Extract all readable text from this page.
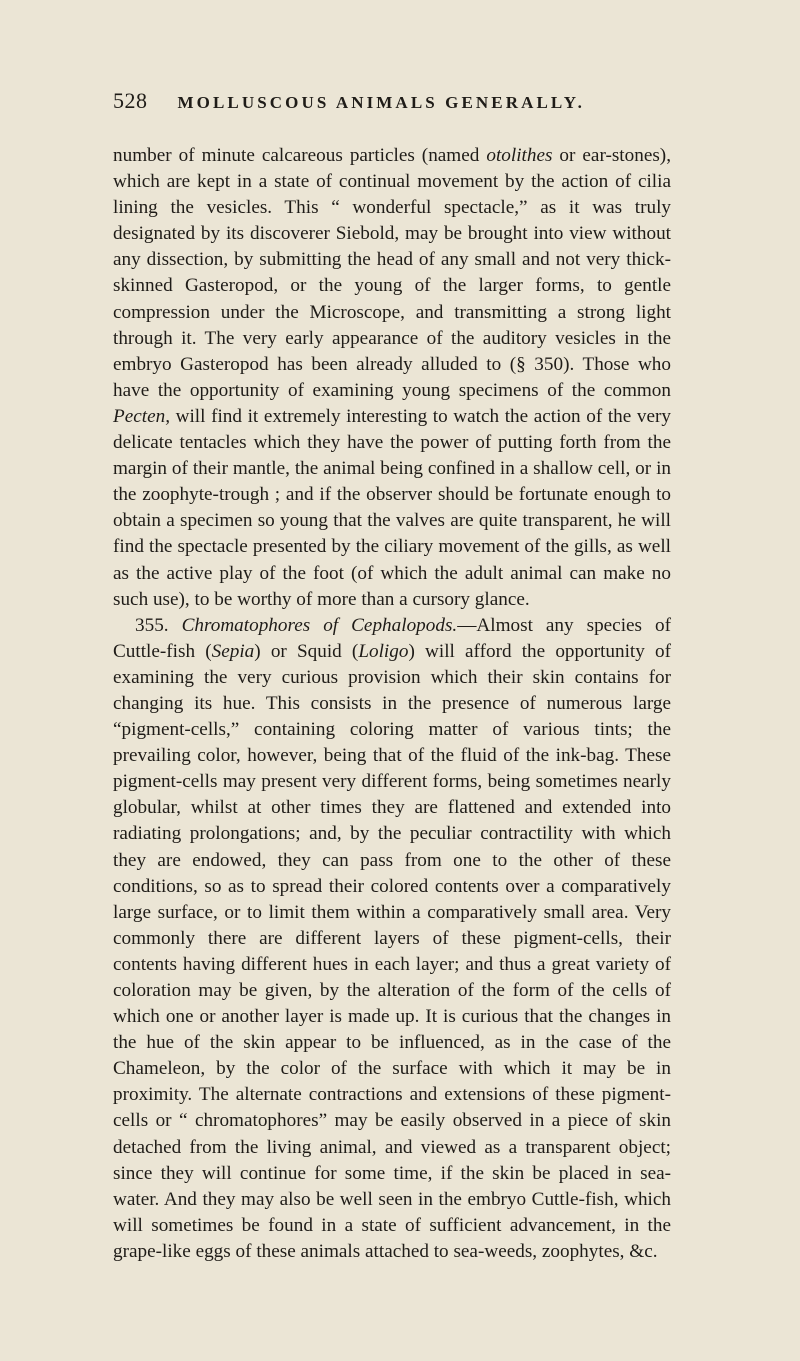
528 MOLLUSCOUS ANIMALS GENERALLY.

number of minute calcareous particles (named otolithes or ear-stones), which are kept in a state of continual movement by the action of cilia lining the vesicles. This “ wonderful spectacle,” as it was truly designated by its discoverer Siebold, may be brought into view without any dissection, by submitting the head of any small and not very thick-skinned Gasteropod, or the young of the larger forms, to gentle compression under the Microscope, and transmitting a strong light through it. The very early appearance of the auditory vesicles in the embryo Gasteropod has been already alluded to (§ 350). Those who have the opportunity of examining young specimens of the common Pecten, will find it extremely interesting to watch the action of the very delicate tentacles which they have the power of putting forth from the margin of their mantle, the animal being confined in a shallow cell, or in the zoophyte-trough ; and if the observer should be fortunate enough to obtain a specimen so young that the valves are quite transparent, he will find the spectacle presented by the ciliary movement of the gills, as well as the active play of the foot (of which the adult animal can make no such use), to be worthy of more than a cursory glance.

355. Chromatophores of Cephalopods.—Almost any species of Cuttle-fish (Sepia) or Squid (Loligo) will afford the opportunity of examining the very curious provision which their skin contains for changing its hue. This consists in the presence of numerous large “pigment-cells,” containing coloring matter of various tints; the prevailing color, however, being that of the fluid of the ink-bag. These pigment-cells may present very different forms, being sometimes nearly globular, whilst at other times they are flattened and extended into radiating prolongations; and, by the peculiar contractility with which they are endowed, they can pass from one to the other of these conditions, so as to spread their colored contents over a comparatively large surface, or to limit them within a comparatively small area. Very commonly there are different layers of these pigment-cells, their contents having different hues in each layer; and thus a great variety of coloration may be given, by the alteration of the form of the cells of which one or another layer is made up. It is curious that the changes in the hue of the skin appear to be influenced, as in the case of the Chameleon, by the color of the surface with which it may be in proximity. The alternate contractions and extensions of these pigment-cells or “ chromatophores” may be easily observed in a piece of skin detached from the living animal, and viewed as a transparent object; since they will continue for some time, if the skin be placed in sea-water. And they may also be well seen in the embryo Cuttle-fish, which will sometimes be found in a state of sufficient advancement, in the grape-like eggs of these animals attached to sea-weeds, zoophytes, &c.
